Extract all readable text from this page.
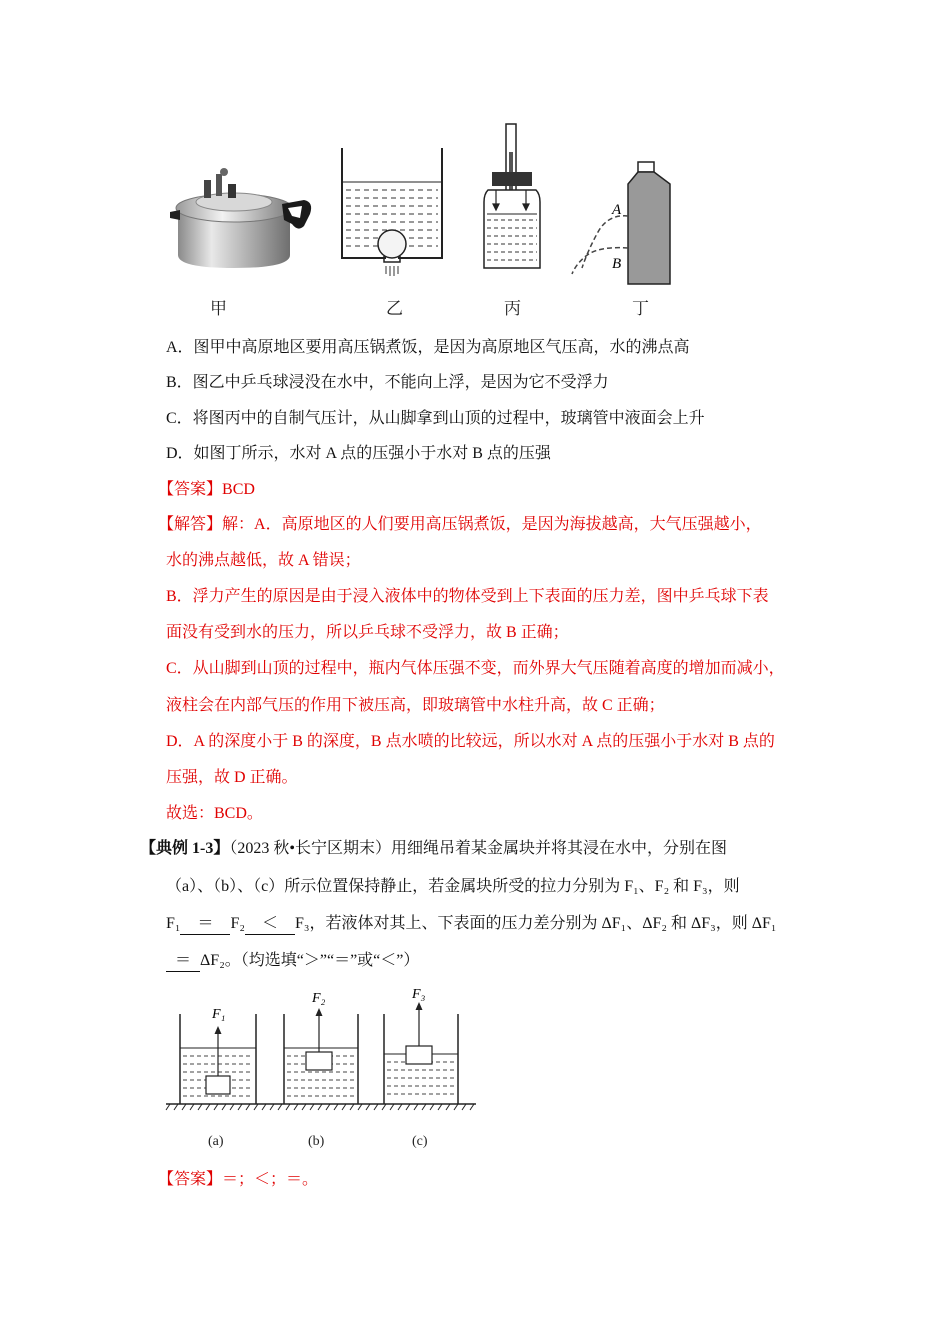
A
B
甲	乙	丙	丁
A．图甲中高原地区要用高压锅煮饭，是因为高原地区气压高，水的沸点高
B．图乙中乒乓球浸没在水中，不能向上浮，是因为它不受浮力
C．将图丙中的自制气压计，从山脚拿到山顶的过程中，玻璃管中液面会上升
D．如图丁所示，水对 A 点的压强小于水对 B 点的压强
【答案】BCD
【解答】解：A．高原地区的人们要用高压锅煮饭，是因为海拔越高，大气压强越小，
水的沸点越低，故 A 错误；
B．浮力产生的原因是由于浸入液体中的物体受到上下表面的压力差，图中乒乓球下表
面没有受到水的压力，所以乒乓球不受浮力，故 B 正确；
C．从山脚到山顶的过程中，瓶内气体压强不变，而外界大气压随着高度的增加而减小，
液柱会在内部气压的作用下被压高，即玻璃管中水柱升高，故 C 正确；
D．A 的深度小于 B 的深度，B 点水喷的比较远，所以水对 A 点的压强小于水对 B 点的
压强，故 D 正确。
故选：BCD。
【典例 1-3】（2023 秋•长宁区期末）用细绳吊着某金属块并将其浸在水中，分别在图
（a）、（b）、（c）所示位置保持静止，若金属块所受的拉力分别为 F₁、F₂ 和 F₃，则
F₁ ＝ F₂ ＜ F₃，若液体对其上、下表面的压力差分别为 ΔF₁、ΔF₂ 和 ΔF₃，则 ΔF₁
＝ ΔF₂。（均选填“＞”“＝”或“＜”）
F₁
F₂	F₃
(a)	(b)	(c)
【答案】＝；＜；＝。
